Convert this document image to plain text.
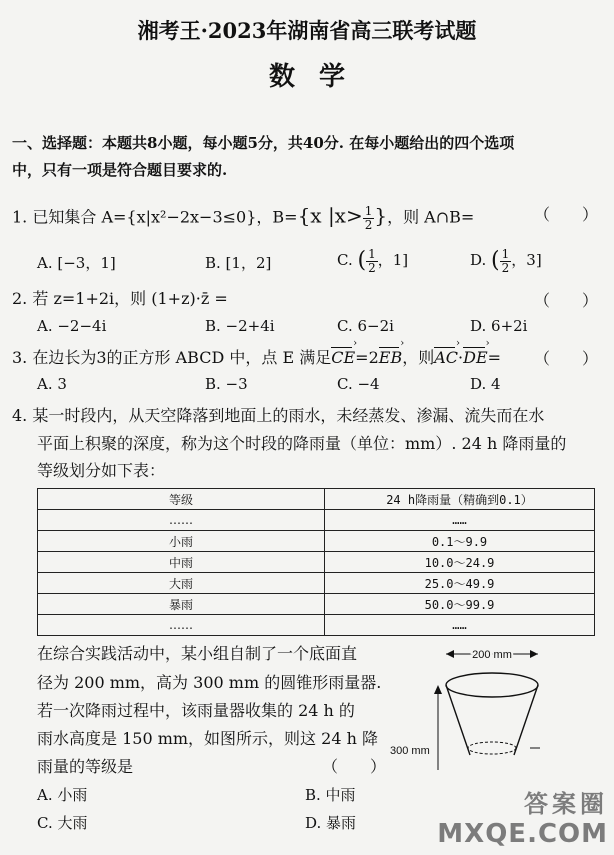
湘考王·2023年湖南省高三联考试题
数学
一、选择题：本题共8小题，每小题5分，共40分. 在每小题给出的四个选项
中，只有一项是符合题目要求的.
1. 已知集合 A={x|x²−2x−3≤0}，B={x $|x> \frac{1}{2}$ }，则 A∩B=	（　　）
A. [−3，1]	B. [1，2]	C. ( $\frac{1}{2}$ ，1]	D. ( $\frac{1}{2}$ ，3]
2. 若 z=1+2i，则 (1+z)·z̄ =	（　　）
A. −2−4i	B. −2+4i	C. 6−2i	D. 6+2i
3. 在边长为3的正方形 ABCD 中，点 E 满足CE ›=2EB ›，则AC ›·DE ›= （　　）
A. 3	B. −3	C. −4	D. 4
4. 某一时段内，从天空降落到地面上的雨水，未经蒸发、渗漏、流失而在水
平面上积聚的深度，称为这个时段的降雨量（单位：mm）. 24 h 降雨量的
等级划分如下表：
等级	24 h降雨量（精确到0.1）
……	……
小雨	0.1～9.9
中雨	10.0～24.9
大雨	25.0～49.9
暴雨	50.0～99.9
……	……
在综合实践活动中，某小组自制了一个底面直
径为 200 mm，高为 300 mm 的圆锥形雨量器.
若一次降雨过程中，该雨量器收集的 24 h 的
雨水高度是 150 mm，如图所示，则这 24 h 降
雨量的等级是	（　　）
A. 小雨	B. 中雨
C. 大雨	D. 暴雨
200 mm
300 mm
答案圈
MXQE.COM
